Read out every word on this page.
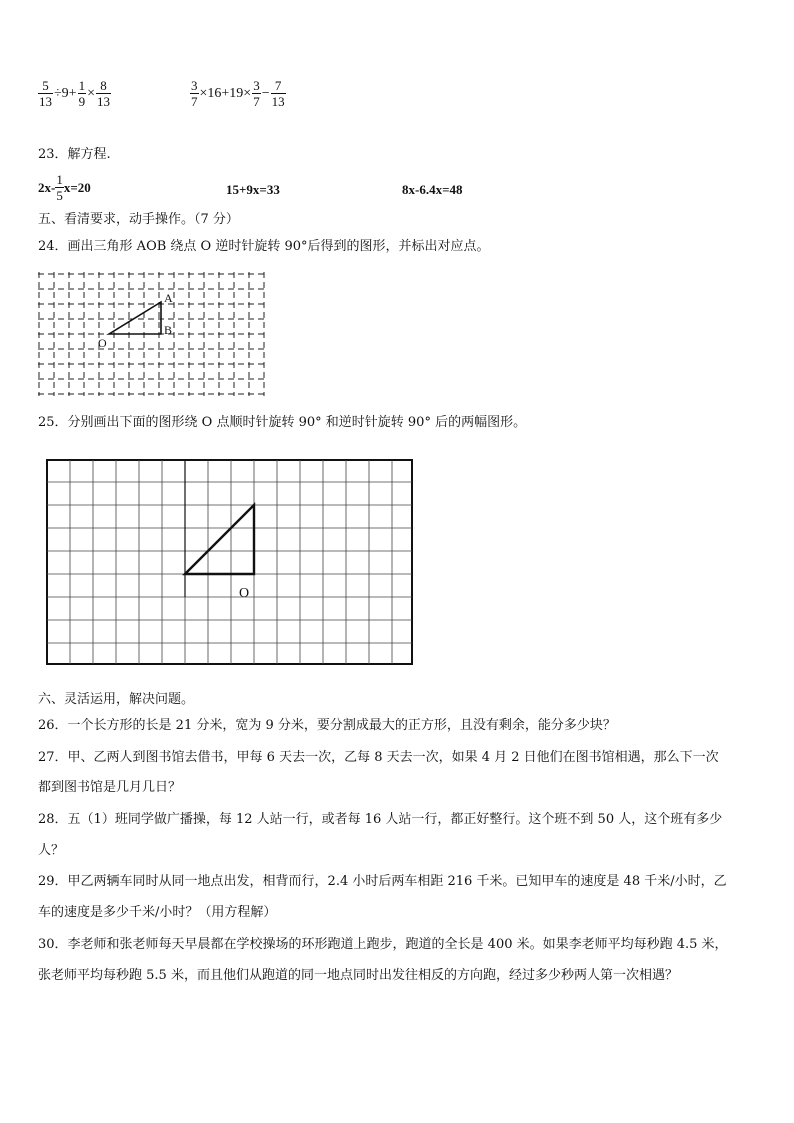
$\frac{5}{13} \div 9+ \frac{1}{9} \times \frac{8}{13}$	$\frac{3}{7} \times 16+19\times \frac{3}{7} - \frac{7}{13}$
23．解方程.
$2x- \frac{1}{5} x=20$	15+9x=33	8x-6.4x=48
五、看清要求，动手操作。（7 分）
24．画出三角形 AOB 绕点 O 逆时针旋转 90°后得到的图形，并标出对应点。
A
B
O
25．分别画出下面的图形绕 O 点顺时针旋转 90° 和逆时针旋转 90° 后的两幅图形。
O
六、灵活运用，解决问题。
26．一个长方形的长是 21 分米，宽为 9 分米，要分割成最大的正方形，且没有剩余，能分多少块？
27．甲、乙两人到图书馆去借书，甲每 6 天去一次，乙每 8 天去一次，如果 4 月 2 日他们在图书馆相遇，那么下一次
都到图书馆是几月几日？
28．五（1）班同学做广播操，每 12 人站一行，或者每 16 人站一行，都正好整行。这个班不到 50 人，这个班有多少
人？
29．甲乙两辆车同时从同一地点出发，相背而行，2.4 小时后两车相距 216 千米。已知甲车的速度是 48 千米/小时，乙
车的速度是多少千米/小时？（用方程解）
30．李老师和张老师每天早晨都在学校操场的环形跑道上跑步，跑道的全长是 400 米。如果李老师平均每秒跑 4.5 米，
张老师平均每秒跑 5.5 米，而且他们从跑道的同一地点同时出发往相反的方向跑，经过多少秒两人第一次相遇？
